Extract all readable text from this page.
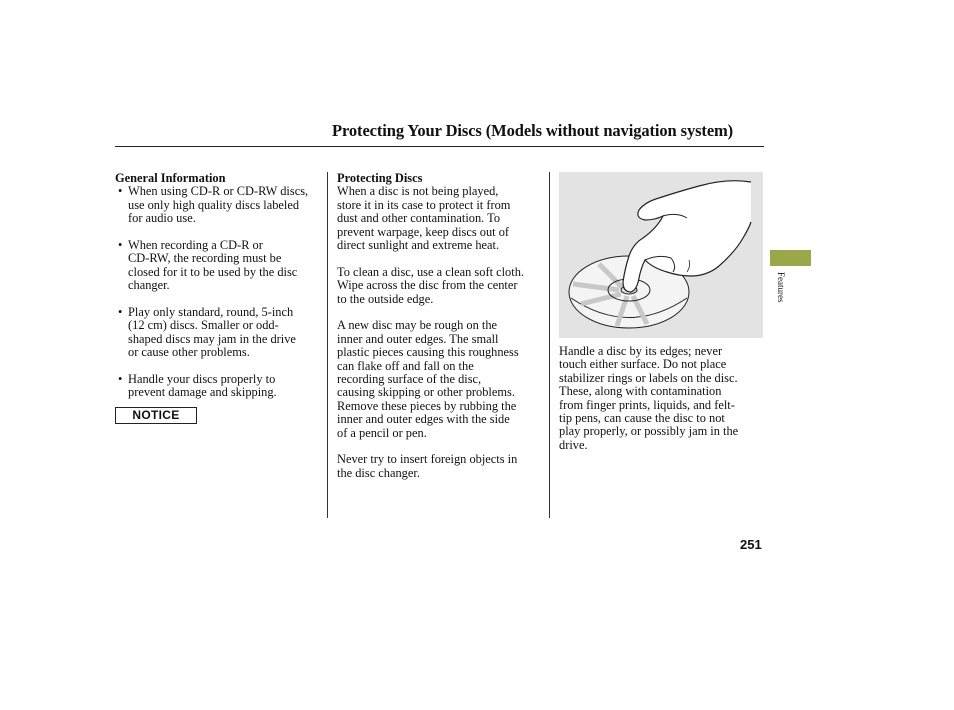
Protecting Your Discs (Models without navigation system)
General Information
• When using CD-R or CD-RW discs,
use only high quality discs labeled
for audio use.
• When recording a CD-R or
CD-RW, the recording must be
closed for it to be used by the disc
changer.
• Play only standard, round, 5-inch
(12 cm) discs. Smaller or odd-
shaped discs may jam in the drive
or cause other problems.
• Handle your discs properly to
prevent damage and skipping.
NOTICE
Protecting Discs
When a disc is not being played,
store it in its case to protect it from
dust and other contamination. To
prevent warpage, keep discs out of
direct sunlight and extreme heat.
To clean a disc, use a clean soft cloth.
Wipe across the disc from the center
to the outside edge.
A new disc may be rough on the
inner and outer edges. The small
plastic pieces causing this roughness
can flake off and fall on the
recording surface of the disc,
causing skipping or other problems.
Remove these pieces by rubbing the
inner and outer edges with the side
of a pencil or pen.
Never try to insert foreign objects in
the disc changer.
Handle a disc by its edges; never
touch either surface. Do not place
stabilizer rings or labels on the disc.
These, along with contamination
from finger prints, liquids, and felt-
tip pens, can cause the disc to not
play properly, or possibly jam in the
drive.
Features
251
